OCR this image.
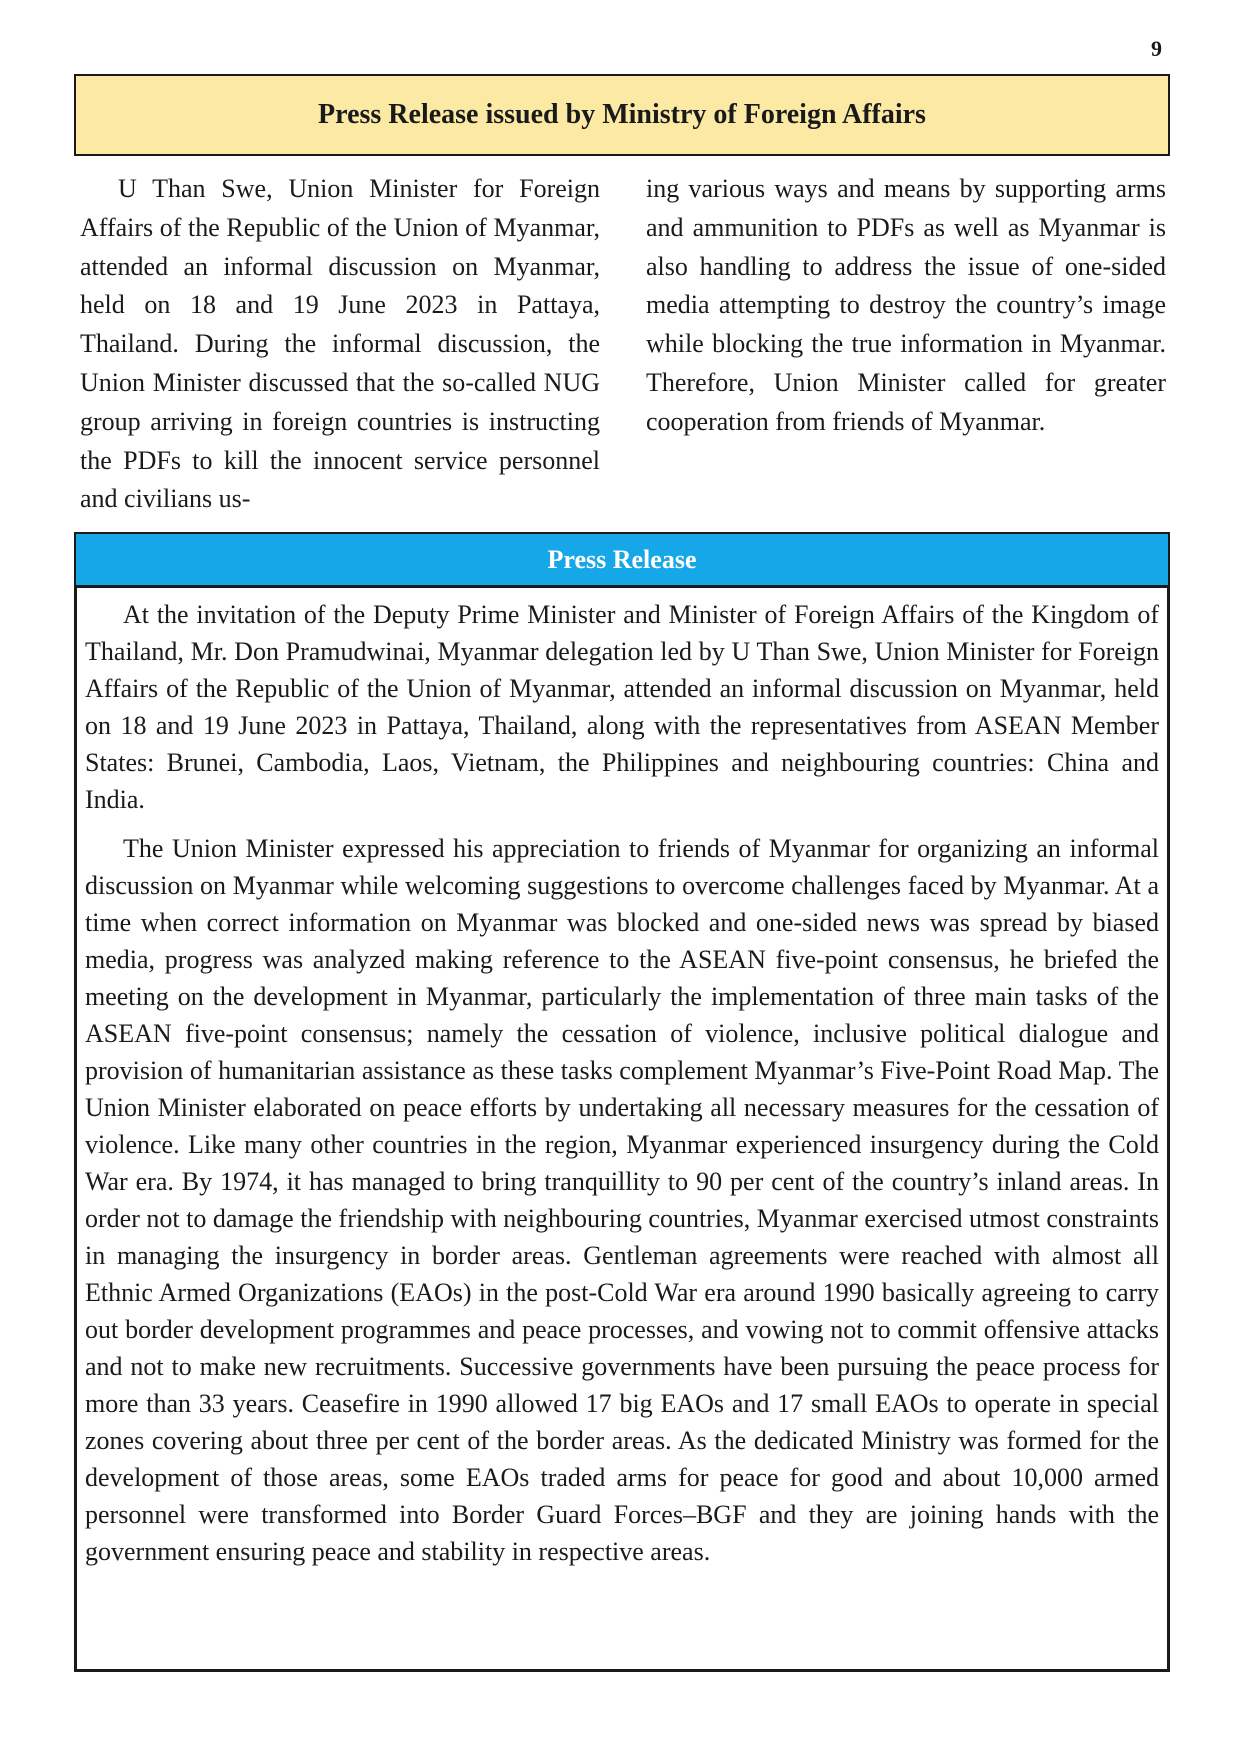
9
Press Release issued by Ministry of Foreign Affairs

U Than Swe, Union Minister for Foreign Affairs of the Republic of the Union of Myanmar, attended an informal discussion on Myanmar, held on 18 and 19 June 2023 in Pattaya, Thailand. During the informal discussion, the Union Minister discussed that the so-called NUG group arriving in foreign countries is instructing the PDFs to kill the innocent service personnel and civilians us-

ing various ways and means by supporting arms and ammunition to PDFs as well as Myanmar is also handling to address the issue of one-sided media attempting to destroy the country’s image while blocking the true information in Myanmar. Therefore, Union Minister called for greater cooperation from friends of Myanmar.

Press Release

At the invitation of the Deputy Prime Minister and Minister of Foreign Affairs of the Kingdom of Thailand, Mr. Don Pramudwinai, Myanmar delegation led by U Than Swe, Union Minister for Foreign Affairs of the Republic of the Union of Myanmar, attended an informal discussion on Myanmar, held on 18 and 19 June 2023 in Pattaya, Thailand, along with the representatives from ASEAN Member States: Brunei, Cambodia, Laos, Vietnam, the Philippines and neighbouring countries: China and India.

The Union Minister expressed his appreciation to friends of Myanmar for organizing an informal discussion on Myanmar while welcoming suggestions to overcome challenges faced by Myanmar. At a time when correct information on Myanmar was blocked and one-sided news was spread by biased media, progress was analyzed making reference to the ASEAN five-point consensus, he briefed the meeting on the development in Myanmar, particularly the implementation of three main tasks of the ASEAN five-point consensus; namely the cessation of violence, inclusive political dialogue and provision of humanitarian assistance as these tasks complement Myanmar’s Five-Point Road Map. The Union Minister elaborated on peace efforts by undertaking all necessary measures for the cessation of violence. Like many other countries in the region, Myanmar experienced insurgency during the Cold War era. By 1974, it has managed to bring tranquillity to 90 per cent of the country’s inland areas. In order not to damage the friendship with neighbouring countries, Myanmar exercised utmost constraints in managing the insurgency in border areas. Gentleman agreements were reached with almost all Ethnic Armed Organizations (EAOs) in the post-Cold War era around 1990 basically agreeing to carry out border development programmes and peace processes, and vowing not to commit offensive attacks and not to make new recruitments. Successive governments have been pursuing the peace process for more than 33 years. Ceasefire in 1990 allowed 17 big EAOs and 17 small EAOs to operate in special zones covering about three per cent of the border areas. As the dedicated Ministry was formed for the development of those areas, some EAOs traded arms for peace for good and about 10,000 armed personnel were transformed into Border Guard Forces–BGF and they are joining hands with the government ensuring peace and stability in respective areas.
